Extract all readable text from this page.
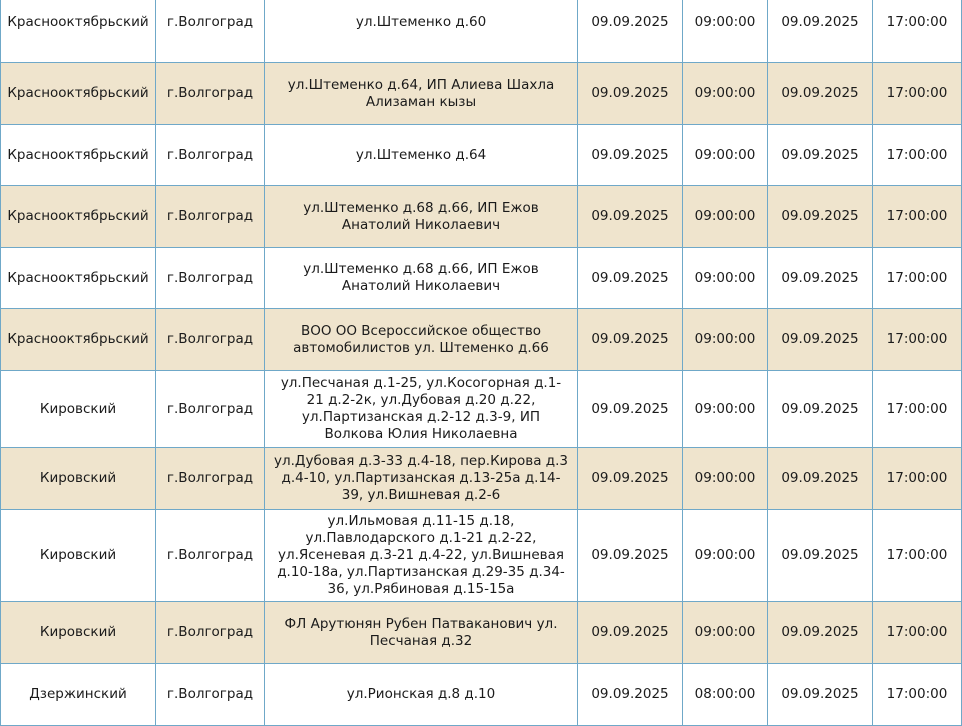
Краснооктябрьский	г.Волгоград	ул.Штеменко д.60	09.09.2025	09:00:00	09.09.2025	17:00:00
Краснооктябрьский	г.Волгоград	ул.Штеменко д.64, ИП Алиева Шахла Ализаман кызы	09.09.2025	09:00:00	09.09.2025	17:00:00
Краснооктябрьский	г.Волгоград	ул.Штеменко д.64	09.09.2025	09:00:00	09.09.2025	17:00:00
Краснооктябрьский	г.Волгоград	ул.Штеменко д.68 д.66, ИП Ежов Анатолий Николаевич	09.09.2025	09:00:00	09.09.2025	17:00:00
Краснооктябрьский	г.Волгоград	ул.Штеменко д.68 д.66, ИП Ежов Анатолий Николаевич	09.09.2025	09:00:00	09.09.2025	17:00:00
Краснооктябрьский	г.Волгоград	ВОО ОО Всероссийское общество автомобилистов ул. Штеменко д.66	09.09.2025	09:00:00	09.09.2025	17:00:00
Кировский	г.Волгоград	ул.Песчаная д.1-25, ул.Косогорная д.1-21 д.2-2к, ул.Дубовая д.20 д.22, ул.Партизанская д.2-12 д.3-9, ИП Волкова Юлия Николаевна	09.09.2025	09:00:00	09.09.2025	17:00:00
Кировский	г.Волгоград	ул.Дубовая д.3-33 д.4-18, пер.Кирова д.3 д.4-10, ул.Партизанская д.13-25а д.14-39, ул.Вишневая д.2-6	09.09.2025	09:00:00	09.09.2025	17:00:00
Кировский	г.Волгоград	ул.Ильмовая д.11-15 д.18, ул.Павлодарского д.1-21 д.2-22, ул.Ясеневая д.3-21 д.4-22, ул.Вишневая д.10-18а, ул.Партизанская д.29-35 д.34-36, ул.Рябиновая д.15-15а	09.09.2025	09:00:00	09.09.2025	17:00:00
Кировский	г.Волгоград	ФЛ Арутюнян Рубен Патваканович ул. Песчаная д.32	09.09.2025	09:00:00	09.09.2025	17:00:00
Дзержинский	г.Волгоград	ул.Рионская д.8 д.10	09.09.2025	08:00:00	09.09.2025	17:00:00
